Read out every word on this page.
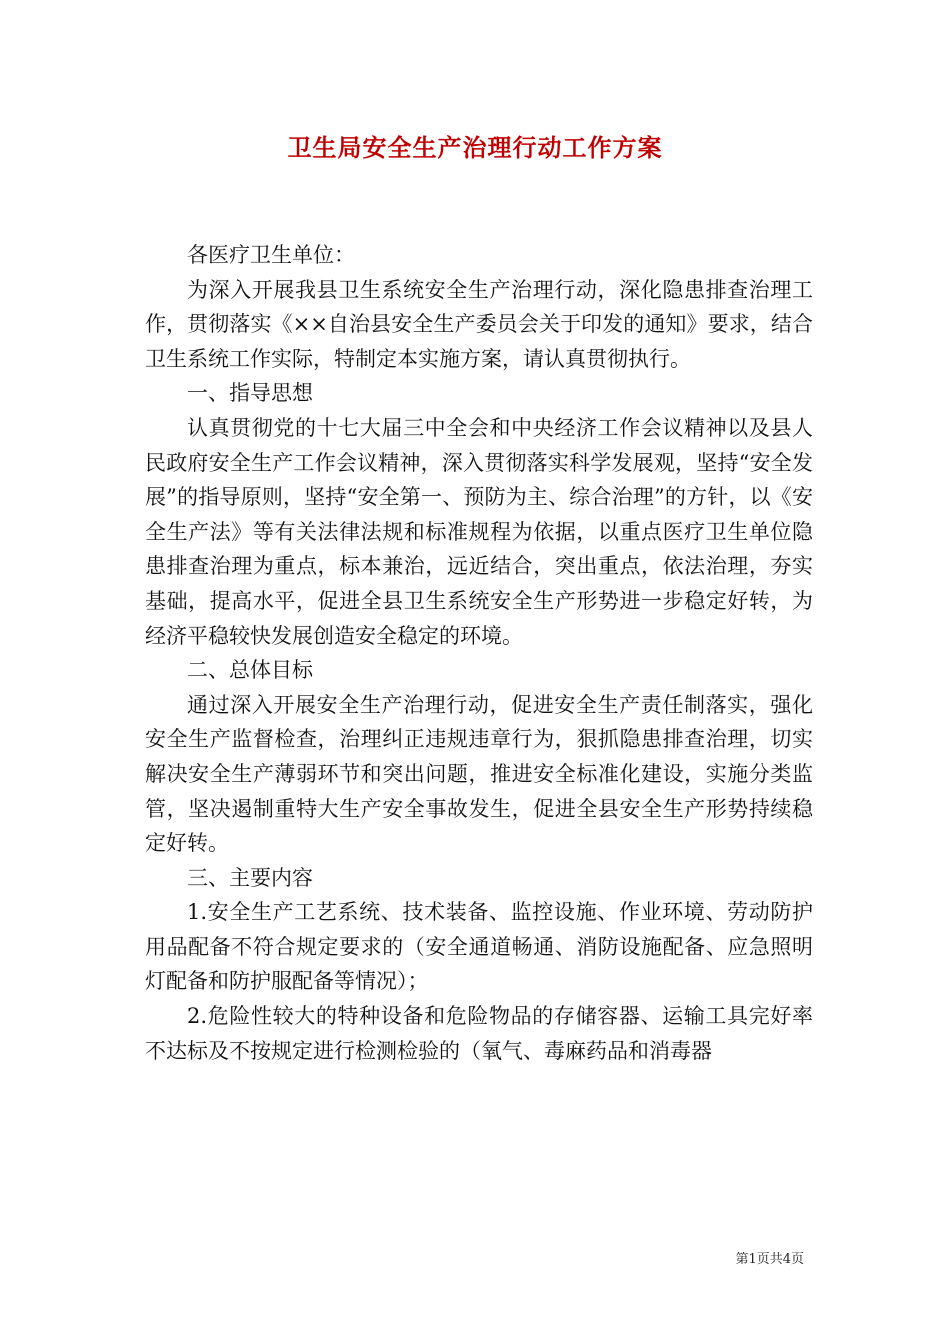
卫生局安全生产治理行动工作方案

各医疗卫生单位：

为深入开展我县卫生系统安全生产治理行动，深化隐患排查治理工作，贯彻落实《××自治县安全生产委员会关于印发的通知》要求，结合卫生系统工作实际，特制定本实施方案，请认真贯彻执行。

一、指导思想

认真贯彻党的十七大届三中全会和中央经济工作会议精神以及县人民政府安全生产工作会议精神，深入贯彻落实科学发展观，坚持“安全发展”的指导原则，坚持“安全第一、预防为主、综合治理”的方针，以《安全生产法》等有关法律法规和标准规程为依据，以重点医疗卫生单位隐患排查治理为重点，标本兼治，远近结合，突出重点，依法治理，夯实基础，提高水平，促进全县卫生系统安全生产形势进一步稳定好转，为经济平稳较快发展创造安全稳定的环境。

二、总体目标

通过深入开展安全生产治理行动，促进安全生产责任制落实，强化安全生产监督检查，治理纠正违规违章行为，狠抓隐患排查治理，切实解决安全生产薄弱环节和突出问题，推进安全标准化建设，实施分类监管，坚决遏制重特大生产安全事故发生，促进全县安全生产形势持续稳定好转。

三、主要内容

1.安全生产工艺系统、技术装备、监控设施、作业环境、劳动防护用品配备不符合规定要求的（安全通道畅通、消防设施配备、应急照明灯配备和防护服配备等情况）；

2.危险性较大的特种设备和危险物品的存储容器、运输工具完好率不达标及不按规定进行检测检验的（氧气、毒麻药品和消毒器

第1页共4页
